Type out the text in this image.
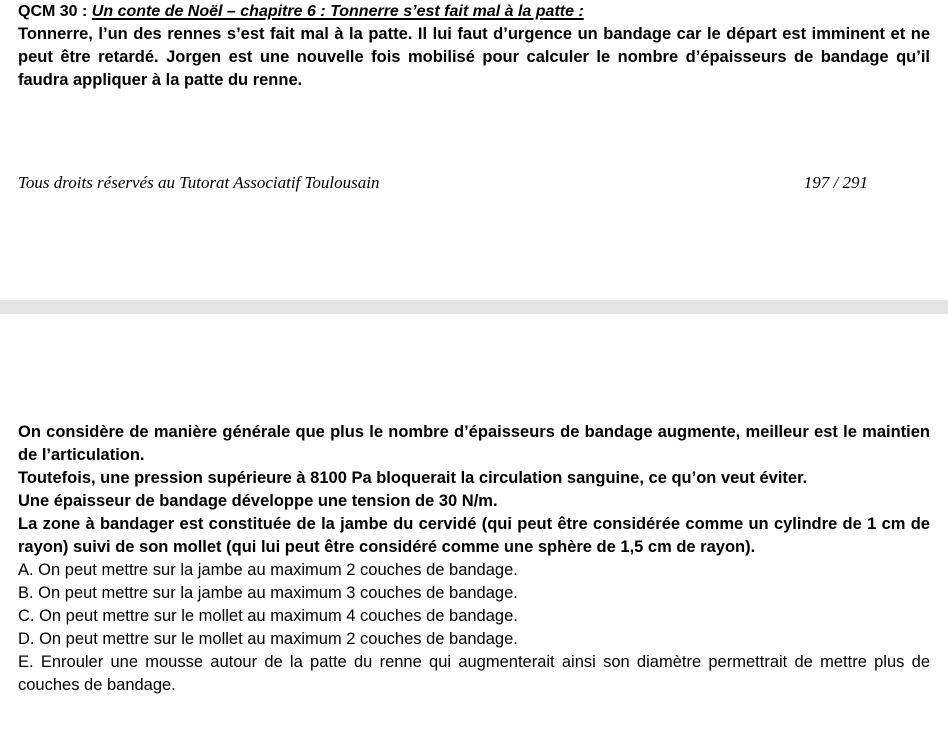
QCM 30 : Un conte de Noël – chapitre 6 : Tonnerre s’est fait mal à la patte :

Tonnerre, l’un des rennes s’est fait mal à la patte. Il lui faut d’urgence un bandage car le départ est imminent et ne peut être retardé. Jorgen est une nouvelle fois mobilisé pour calculer le nombre d’épaisseurs de bandage qu’il faudra appliquer à la patte du renne.

Tous droits réservés au Tutorat Associatif Toulousain	197 / 291

On considère de manière générale que plus le nombre d’épaisseurs de bandage augmente, meilleur est le maintien de l’articulation.

Toutefois, une pression supérieure à 8100 Pa bloquerait la circulation sanguine, ce qu’on veut éviter.

Une épaisseur de bandage développe une tension de 30 N/m.

La zone à bandager est constituée de la jambe du cervidé (qui peut être considérée comme un cylindre de 1 cm de rayon) suivi de son mollet (qui lui peut être considéré comme une sphère de 1,5 cm de rayon).

A. On peut mettre sur la jambe au maximum 2 couches de bandage.
B. On peut mettre sur la jambe au maximum 3 couches de bandage.
C. On peut mettre sur le mollet au maximum 4 couches de bandage.
D. On peut mettre sur le mollet au maximum 2 couches de bandage.
E. Enrouler une mousse autour de la patte du renne qui augmenterait ainsi son diamètre permettrait de mettre plus de couches de bandage.
